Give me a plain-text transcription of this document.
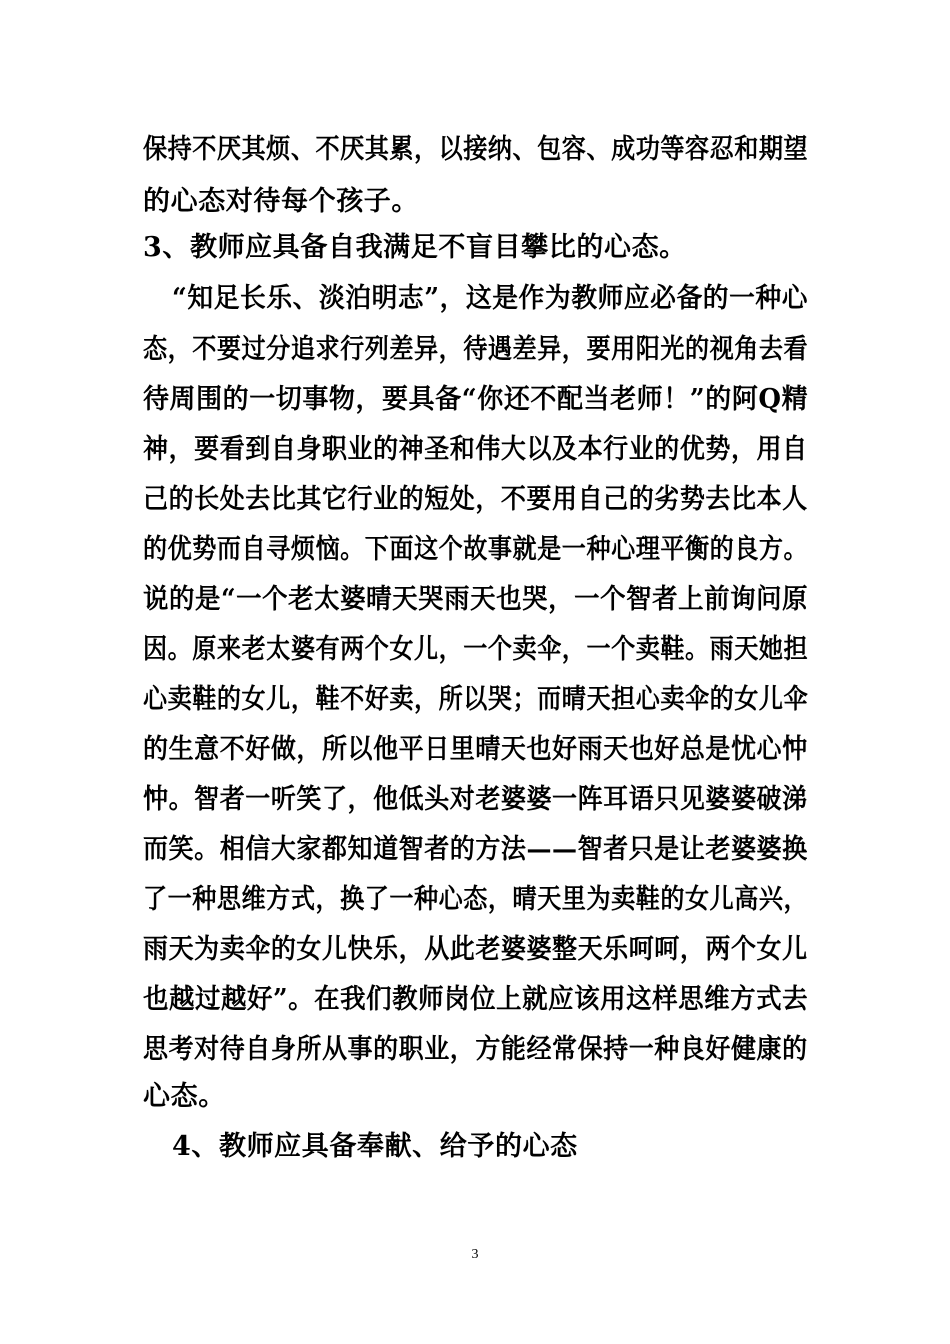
保持不厌其烦、不厌其累，以接纳、包容、成功等容忍和期望
的心态对待每个孩子。
3、教师应具备自我满足不盲目攀比的心态。
“知足长乐、淡泊明志”，这是作为教师应必备的一种心
态，不要过分追求行列差异，待遇差异，要用阳光的视角去看
待周围的一切事物，要具备“你还不配当老师！”的阿Q精
神，要看到自身职业的神圣和伟大以及本行业的优势，用自
己的长处去比其它行业的短处，不要用自己的劣势去比本人
的优势而自寻烦恼。下面这个故事就是一种心理平衡的良方。
说的是“一个老太婆晴天哭雨天也哭，一个智者上前询问原
因。原来老太婆有两个女儿，一个卖伞，一个卖鞋。雨天她担
心卖鞋的女儿，鞋不好卖，所以哭；而晴天担心卖伞的女儿伞
的生意不好做，所以他平日里晴天也好雨天也好总是忧心忡
忡。智者一听笑了，他低头对老婆婆一阵耳语只见婆婆破涕
而笑。相信大家都知道智者的方法——智者只是让老婆婆换
了一种思维方式，换了一种心态，晴天里为卖鞋的女儿高兴，
雨天为卖伞的女儿快乐，从此老婆婆整天乐呵呵，两个女儿
也越过越好”。在我们教师岗位上就应该用这样思维方式去
思考对待自身所从事的职业，方能经常保持一种良好健康的
心态。
4、教师应具备奉献、给予的心态
3
